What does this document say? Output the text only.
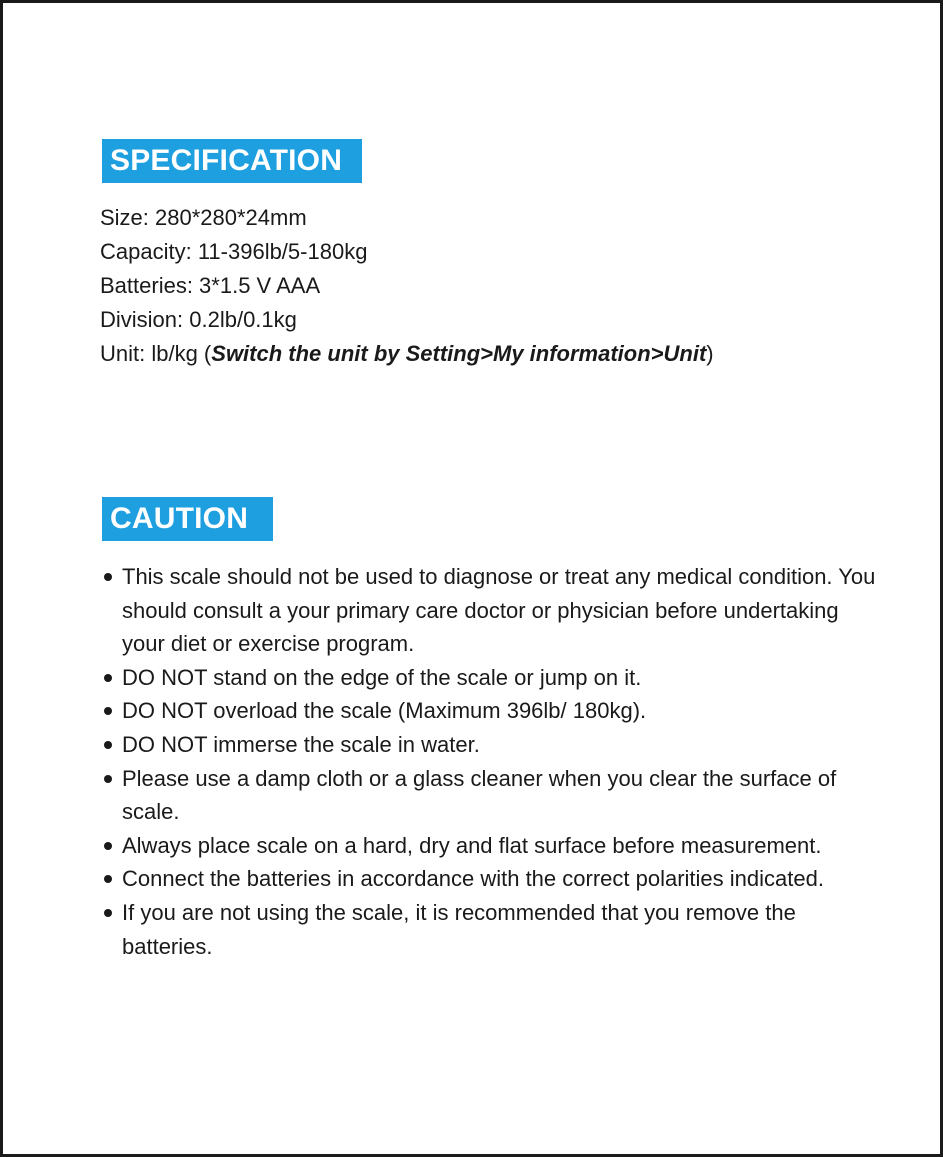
SPECIFICATION
Size: 280*280*24mm
Capacity: 11-396lb/5-180kg
Batteries: 3*1.5 V AAA
Division: 0.2lb/0.1kg
Unit: lb/kg (Switch the unit by Setting>My information>Unit)
CAUTION
This scale should not be used to diagnose or treat any medical condition. You should consult a your primary care doctor or physician before undertaking your diet or exercise program.
DO NOT stand on the edge of the scale or jump on it.
DO NOT overload the scale (Maximum 396lb/ 180kg).
DO NOT immerse the scale in water.
Please use a damp cloth or a glass cleaner when you clear the surface of scale.
Always place scale on a hard, dry and flat surface before measurement.
Connect the batteries in accordance with the correct polarities indicated.
If you are not using the scale, it is recommended that you remove the batteries.
